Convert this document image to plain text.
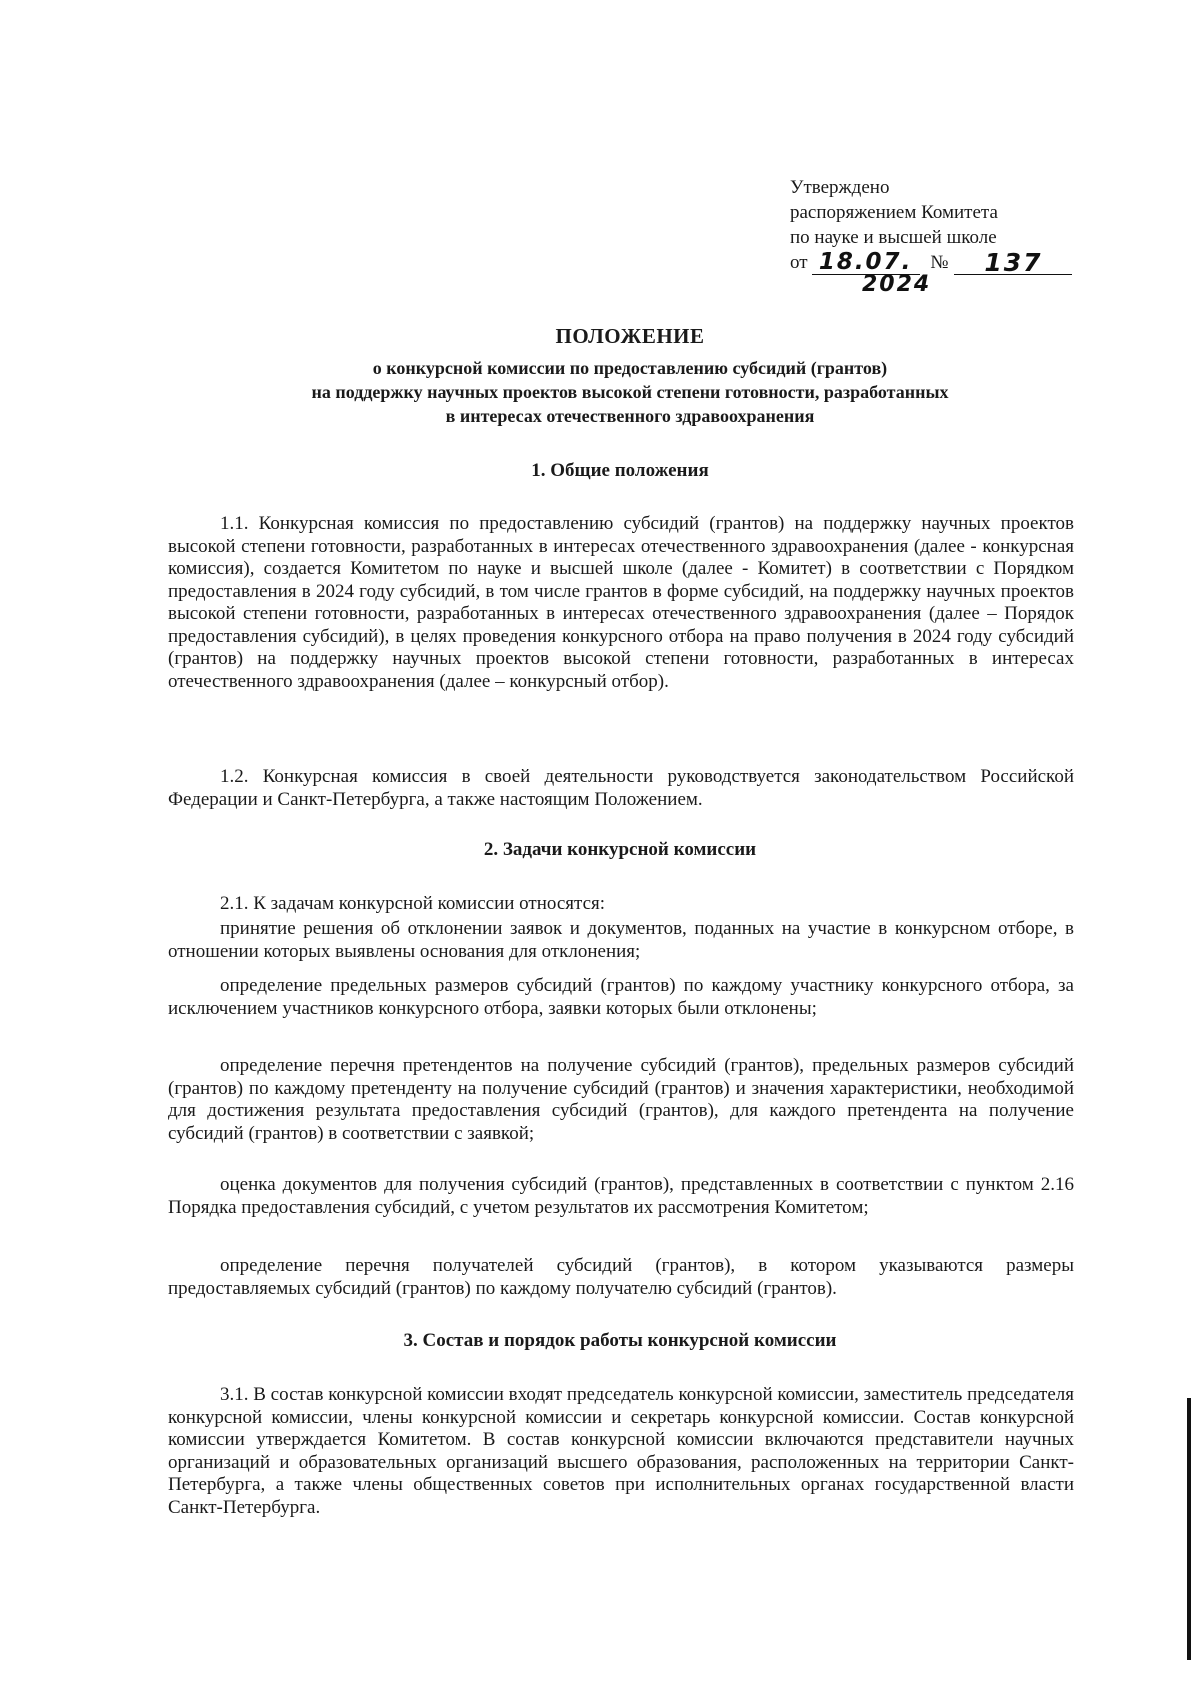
Утверждено
распоряжением Комитета
по науке и высшей школе
от 18.07. № 137
2024
ПОЛОЖЕНИЕ
о конкурсной комиссии по предоставлению субсидий (грантов)
на поддержку научных проектов высокой степени готовности, разработанных
в интересах отечественного здравоохранения
1. Общие положения

1.1. Конкурсная комиссия по предоставлению субсидий (грантов) на поддержку научных проектов высокой степени готовности, разработанных в интересах отечественного здравоохранения (далее - конкурсная комиссия), создается Комитетом по науке и высшей школе (далее - Комитет) в соответствии с Порядком предоставления в 2024 году субсидий, в том числе грантов в форме субсидий, на поддержку научных проектов высокой степени готовности, разработанных в интересах отечественного здравоохранения (далее – Порядок предоставления субсидий), в целях проведения конкурсного отбора на право получения в 2024 году субсидий (грантов) на поддержку научных проектов высокой степени готовности, разработанных в интересах отечественного здравоохранения (далее – конкурсный отбор).

1.2. Конкурсная комиссия в своей деятельности руководствуется законодательством Российской Федерации и Санкт-Петербурга, а также настоящим Положением.

2. Задачи конкурсной комиссии

2.1. К задачам конкурсной комиссии относятся:

принятие решения об отклонении заявок и документов, поданных на участие в конкурсном отборе, в отношении которых выявлены основания для отклонения;

определение предельных размеров субсидий (грантов) по каждому участнику конкурсного отбора, за исключением участников конкурсного отбора, заявки которых были отклонены;

определение перечня претендентов на получение субсидий (грантов), предельных размеров субсидий (грантов) по каждому претенденту на получение субсидий (грантов) и значения характеристики, необходимой для достижения результата предоставления субсидий (грантов), для каждого претендента на получение субсидий (грантов) в соответствии с заявкой;

оценка документов для получения субсидий (грантов), представленных в соответствии с пунктом 2.16 Порядка предоставления субсидий, с учетом результатов их рассмотрения Комитетом;

определение перечня получателей субсидий (грантов), в котором указываются размеры предоставляемых субсидий (грантов) по каждому получателю субсидий (грантов).

3. Состав и порядок работы конкурсной комиссии

3.1. В состав конкурсной комиссии входят председатель конкурсной комиссии, заместитель председателя конкурсной комиссии, члены конкурсной комиссии и секретарь конкурсной комиссии. Состав конкурсной комиссии утверждается Комитетом. В состав конкурсной комиссии включаются представители научных организаций и образовательных организаций высшего образования, расположенных на территории Санкт-Петербурга, а также члены общественных советов при исполнительных органах государственной власти Санкт-Петербурга.
